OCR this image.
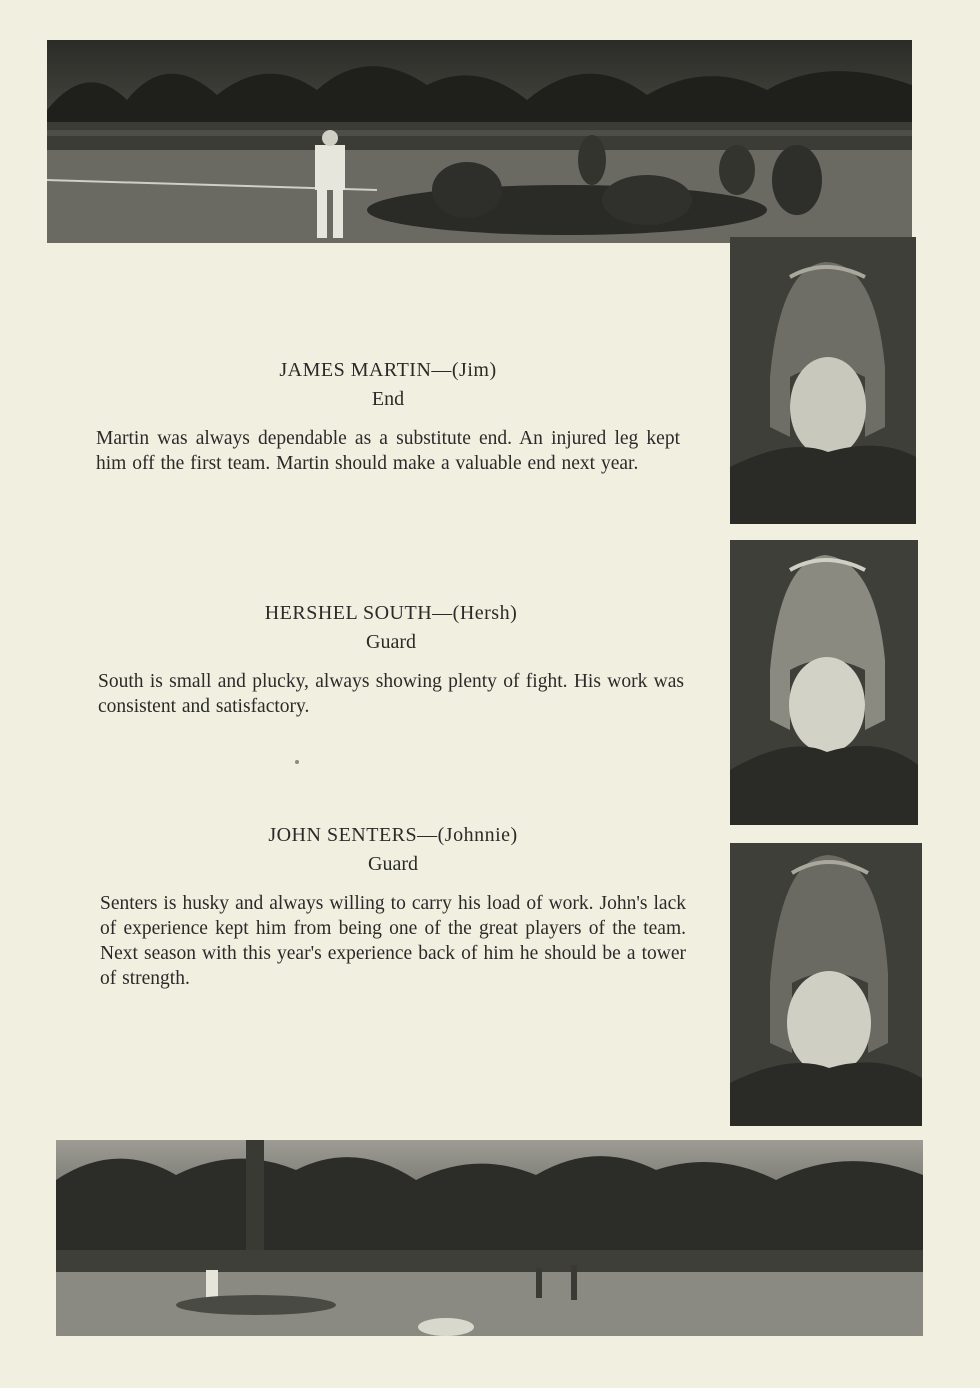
JAMES MARTIN—(Jim)
End

Martin was always dependable as a substitute end. An injured leg kept him off the first team. Martin should make a valuable end next year.

HERSHEL SOUTH—(Hersh)
Guard

South is small and plucky, always showing plenty of fight. His work was consistent and satisfactory.

JOHN SENTERS—(Johnnie)
Guard

Senters is husky and always willing to carry his load of work. John's lack of experience kept him from being one of the great players of the team. Next season with this year's experience back of him he should be a tower of strength.
